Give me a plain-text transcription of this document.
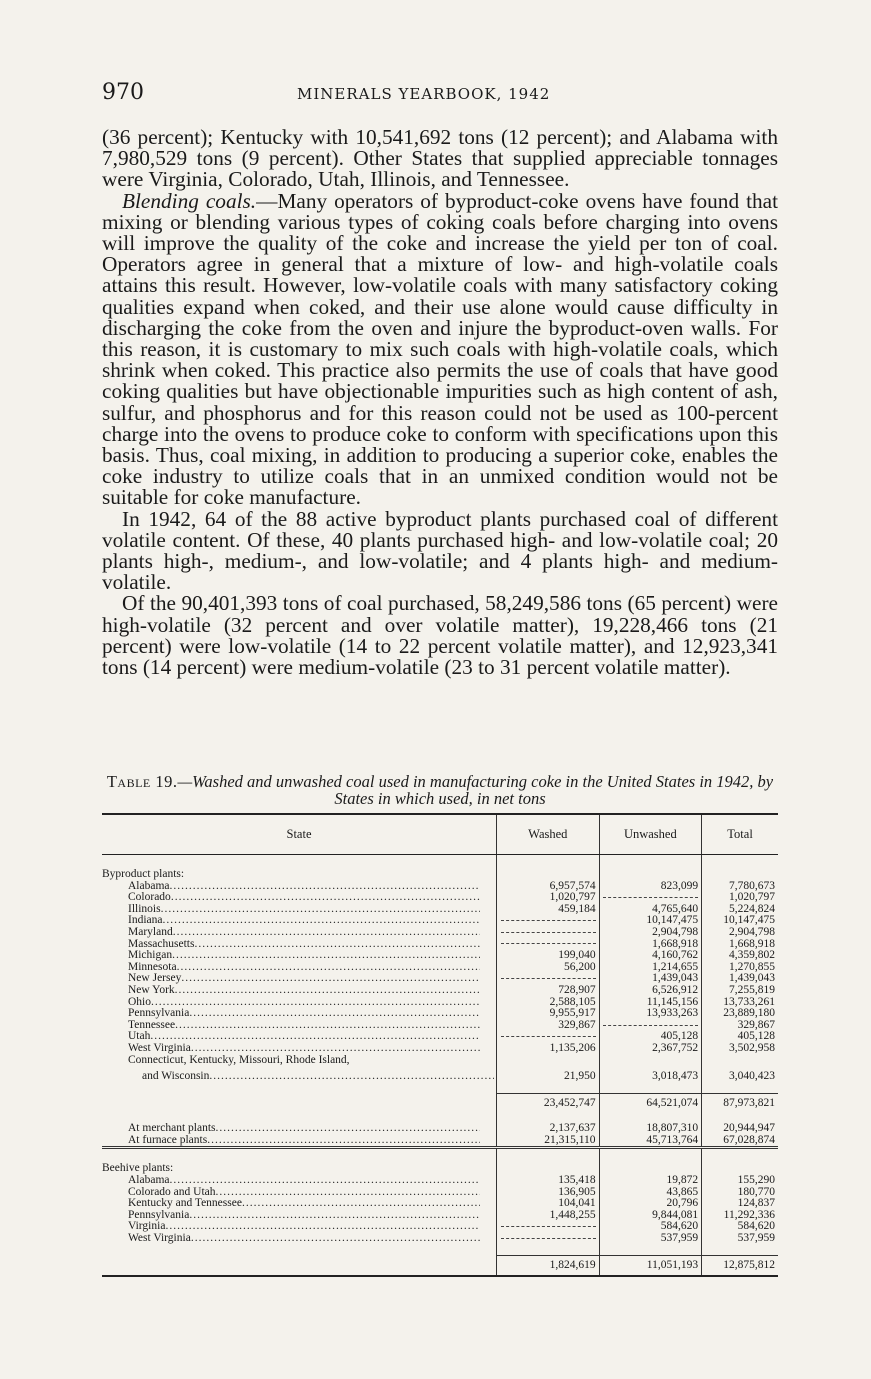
970	MINERALS YEARBOOK, 1942

(36 percent); Kentucky with 10,541,692 tons (12 percent); and Alabama with 7,980,529 tons (9 percent). Other States that supplied appreciable tonnages were Virginia, Colorado, Utah, Illinois, and Tennessee.

Blending coals.—Many operators of byproduct-coke ovens have found that mixing or blending various types of coking coals before charging into ovens will improve the quality of the coke and increase the yield per ton of coal. Operators agree in general that a mixture of low- and high-volatile coals attains this result. However, low-volatile coals with many satisfactory coking qualities expand when coked, and their use alone would cause difficulty in discharging the coke from the oven and injure the byproduct-oven walls. For this reason, it is customary to mix such coals with high-volatile coals, which shrink when coked. This practice also permits the use of coals that have good coking qualities but have objectionable impurities such as high content of ash, sulfur, and phosphorus and for this reason could not be used as 100-percent charge into the ovens to produce coke to conform with specifications upon this basis. Thus, coal mixing, in addition to producing a superior coke, enables the coke industry to utilize coals that in an unmixed condition would not be suitable for coke manufacture.

In 1942, 64 of the 88 active byproduct plants purchased coal of different volatile content. Of these, 40 plants purchased high- and low-volatile coal; 20 plants high-, medium-, and low-volatile; and 4 plants high- and medium-volatile.

Of the 90,401,393 tons of coal purchased, 58,249,586 tons (65 percent) were high-volatile (32 percent and over volatile matter), 19,228,466 tons (21 percent) were low-volatile (14 to 22 percent volatile matter), and 12,923,341 tons (14 percent) were medium-volatile (23 to 31 percent volatile matter).

Table 19.—Washed and unwashed coal used in manufacturing coke in the United States in 1942, by States in which used, in net tons
State	Washed	Unwashed	Total

Byproduct plants:			

Alabama.....	6,957,574	823,099	7,780,673

Colorado.....	1,020,797		1,020,797

Illinois.....	459,184	4,765,640	5,224,824

Indiana.....		10,147,475	10,147,475

Maryland.....		2,904,798	2,904,798

Massachusetts.....		1,668,918	1,668,918

Michigan.....	199,040	4,160,762	4,359,802

Minnesota.....	56,200	1,214,655	1,270,855

New Jersey.....		1,439,043	1,439,043

New York.....	728,907	6,526,912	7,255,819

Ohio.....	2,588,105	11,145,156	13,733,261

Pennsylvania.....	9,955,917	13,933,263	23,889,180

Tennessee.....	329,867		329,867

Utah.....		405,128	405,128

West Virginia.....	1,135,206	2,367,752	3,502,958
Connecticut, Kentucky, Missouri, Rhode Island,			

and Wisconsin.....	21,950	3,018,473	3,040,423

	23,452,747	64,521,074	87,973,821

At merchant plants.....	2,137,637	18,807,310	20,944,947

At furnace plants.....	21,315,110	45,713,764	67,028,874

Beehive plants:			

Alabama.....	135,418	19,872	155,290

Colorado and Utah.....	136,905	43,865	180,770

Kentucky and Tennessee.....	104,041	20,796	124,837

Pennsylvania.....	1,448,255	9,844,081	11,292,336

Virginia.....		584,620	584,620

West Virginia.....		537,959	537,959

	1,824,619	11,051,193	12,875,812
